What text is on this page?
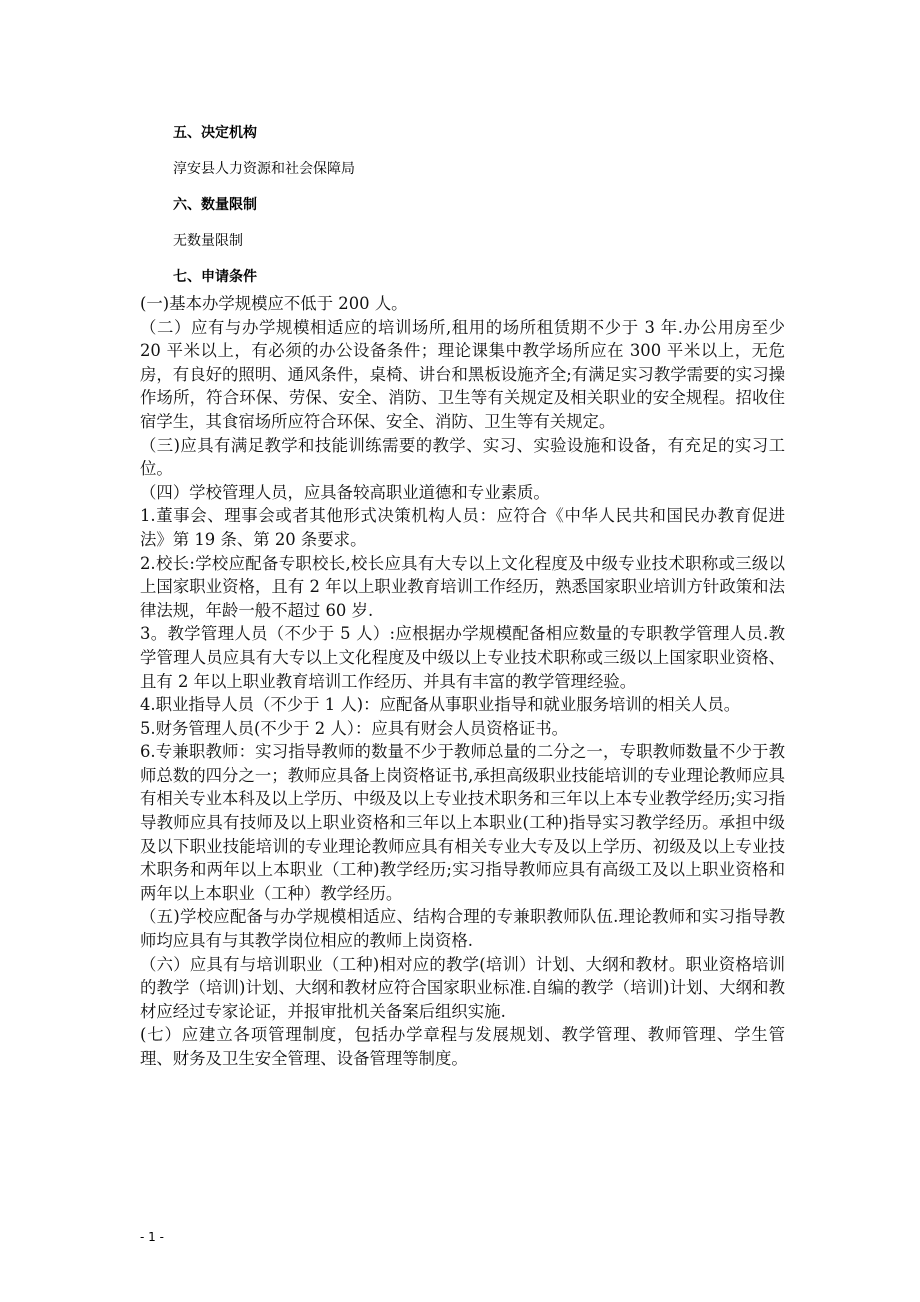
五、决定机构
淳安县人力资源和社会保障局
六、数量限制
无数量限制
七、申请条件

(一)基本办学规模应不低于 200 人。

（二）应有与办学规模相适应的培训场所,租用的场所租赁期不少于 3 年.办公用房至少 20 平米以上，有必须的办公设备条件；理论课集中教学场所应在 300 平米以上，无危房，有良好的照明、通风条件，桌椅、讲台和黑板设施齐全;有满足实习教学需要的实习操作场所，符合环保、劳保、安全、消防、卫生等有关规定及相关职业的安全规程。招收住宿学生，其食宿场所应符合环保、安全、消防、卫生等有关规定。

（三)应具有满足教学和技能训练需要的教学、实习、实验设施和设备，有充足的实习工位。

（四）学校管理人员，应具备较高职业道德和专业素质。

1.董事会、理事会或者其他形式决策机构人员：应符合《中华人民共和国民办教育促进法》第 19 条、第 20 条要求。

2.校长:学校应配备专职校长,校长应具有大专以上文化程度及中级专业技术职称或三级以上国家职业资格，且有 2 年以上职业教育培训工作经历，熟悉国家职业培训方针政策和法律法规，年龄一般不超过 60 岁.

3。教学管理人员（不少于 5 人）:应根据办学规模配备相应数量的专职教学管理人员.教学管理人员应具有大专以上文化程度及中级以上专业技术职称或三级以上国家职业资格、且有 2 年以上职业教育培训工作经历、并具有丰富的教学管理经验。

4.职业指导人员（不少于 1 人)：应配备从事职业指导和就业服务培训的相关人员。

5.财务管理人员(不少于 2 人）：应具有财会人员资格证书。

6.专兼职教师：实习指导教师的数量不少于教师总量的二分之一，专职教师数量不少于教师总数的四分之一；教师应具备上岗资格证书,承担高级职业技能培训的专业理论教师应具有相关专业本科及以上学历、中级及以上专业技术职务和三年以上本专业教学经历;实习指导教师应具有技师及以上职业资格和三年以上本职业(工种)指导实习教学经历。承担中级及以下职业技能培训的专业理论教师应具有相关专业大专及以上学历、初级及以上专业技术职务和两年以上本职业（工种)教学经历;实习指导教师应具有高级工及以上职业资格和两年以上本职业（工种）教学经历。

（五)学校应配备与办学规模相适应、结构合理的专兼职教师队伍.理论教师和实习指导教师均应具有与其教学岗位相应的教师上岗资格.

（六）应具有与培训职业（工种)相对应的教学(培训）计划、大纲和教材。职业资格培训的教学（培训)计划、大纲和教材应符合国家职业标准.自编的教学（培训)计划、大纲和教材应经过专家论证，并报审批机关备案后组织实施.

(七）应建立各项管理制度，包括办学章程与发展规划、教学管理、教师管理、学生管理、财务及卫生安全管理、设备管理等制度。

- 1 -
